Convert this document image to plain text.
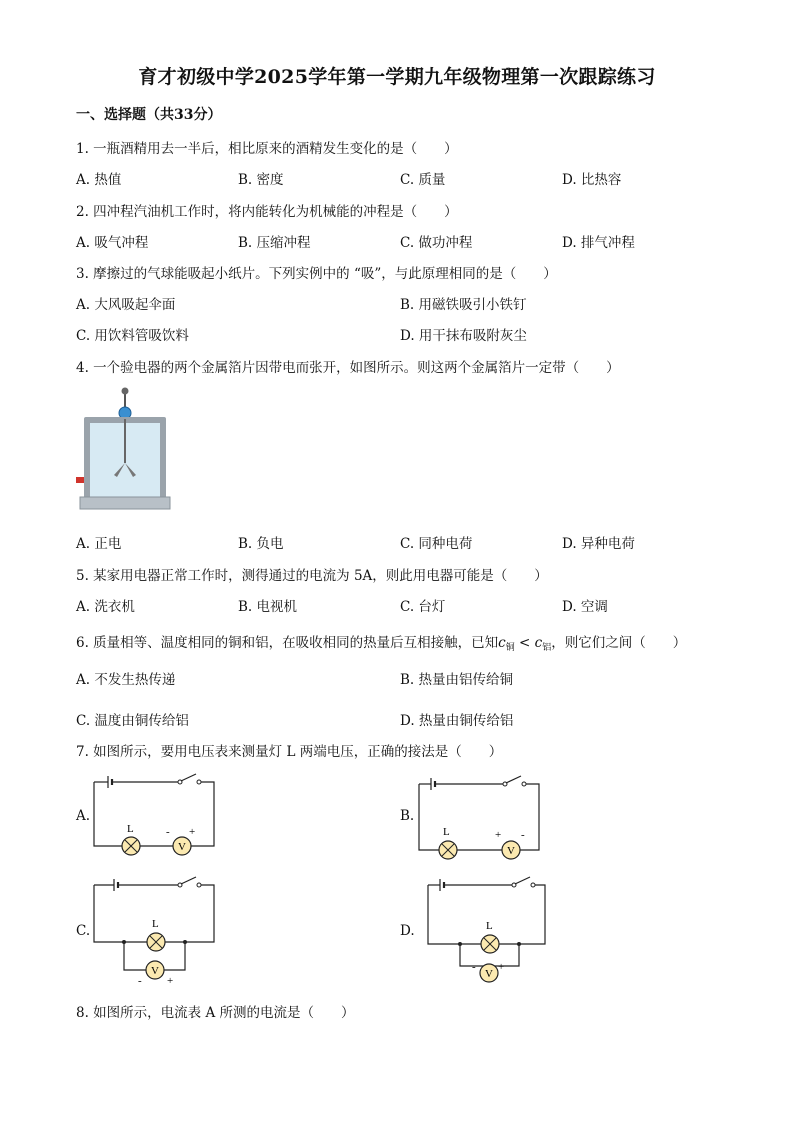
育才初级中学2025学年第一学期九年级物理第一次跟踪练习
一、选择题（共33分）
1. 一瓶酒精用去一半后，相比原来的酒精发生变化的是（　　）
A. 热值	B. 密度	C. 质量	D. 比热容
2. 四冲程汽油机工作时，将内能转化为机械能的冲程是（　　）
A. 吸气冲程	B. 压缩冲程	C. 做功冲程	D. 排气冲程
3. 摩擦过的气球能吸起小纸片。下列实例中的 “吸”，与此原理相同的是（　　）
A. 大风吸起伞面	B. 用磁铁吸引小铁钉
C. 用饮料管吸饮料	D. 用干抹布吸附灰尘
4. 一个验电器的两个金属箔片因带电而张开，如图所示。则这两个金属箔片一定带（　　）
A. 正电	B. 负电	C. 同种电荷	D. 异种电荷
5. 某家用电器正常工作时，测得通过的电流为 5A，则此用电器可能是（　　）
A. 洗衣机	B. 电视机	C. 台灯	D. 空调
6. 质量相等、温度相同的铜和铝，在吸收相同的热量后互相接触，已知$c_铜 < c_铝$，则它们之间（　　）
A. 不发生热传递	B. 热量由铝传给铜
C. 温度由铜传给铝	D. 热量由铜传给铝
7. 如图所示，要用电压表来测量灯 L 两端电压，正确的接法是（　　）
A.
L
V
- +
B.
L
V
+ -
C.	L
V
- +
D.	L
V
- +
8. 如图所示，电流表 A 所测的电流是（　　）
